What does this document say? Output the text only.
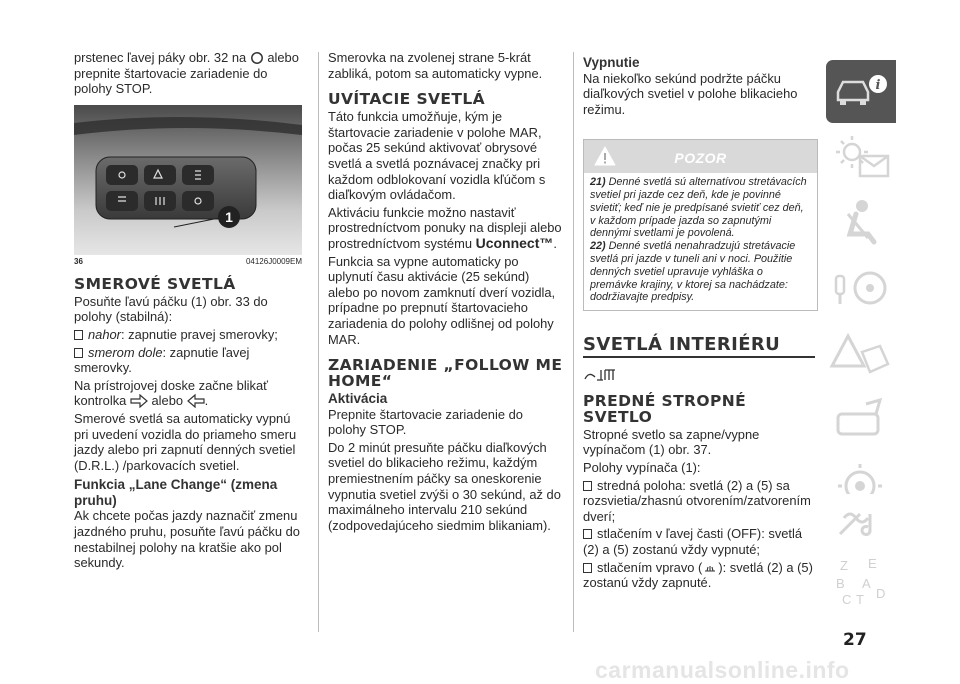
prstenec ľavej páky obr. 32 na alebo prepnite štartovacie zariadenie do polohy STOP.

1
36	04126J0009EM
SMEROVÉ SVETLÁ

Posuňte ľavú páčku (1) obr. 33 do polohy (stabilná):

nahor: zapnutie pravej smerovky;

smerom dole: zapnutie ľavej smerovky.

Na prístrojovej doske začne blikať kontrolka alebo .

Smerové svetlá sa automaticky vypnú pri uvedení vozidla do priameho smeru jazdy alebo pri zapnutí denných svetiel (D.R.L.) /parkovacích svetiel.

Funkcia „Lane Change“ (zmena pruhu)

Ak chcete počas jazdy naznačiť zmenu jazdného pruhu, posuňte ľavú páčku do nestabilnej polohy na kratšie ako pol sekundy.

Smerovka na zvolenej strane 5-krát zabliká, potom sa automaticky vypne.

UVÍTACIE SVETLÁ

Táto funkcia umožňuje, kým je štartovacie zariadenie v polohe MAR, počas 25 sekúnd aktivovať obrysové svetlá a svetlá poznávacej značky pri každom odblokovaní vozidla kľúčom s diaľkovým ovládačom.

Aktiváciu funkcie možno nastaviť prostredníctvom ponuky na displeji alebo prostredníctvom systému Uconnect™.

Funkcia sa vypne automaticky po uplynutí času aktivácie (25 sekúnd) alebo po novom zamknutí dverí vozidla, prípadne po prepnutí štartovacieho zariadenia do polohy odlišnej od polohy MAR.

ZARIADENIE „FOLLOW ME HOME“
Aktivácia

Prepnite štartovacie zariadenie do polohy STOP.

Do 2 minút presuňte páčku diaľkových svetiel do blikacieho režimu, každým premiestnením páčky sa oneskorenie vypnutia svetiel zvýši o 30 sekúnd, až do maximálneho intervalu 210 sekúnd (zodpovedajúceho siedmim blikaniam).

Vypnutie

Na niekoľko sekúnd podržte páčku diaľkových svetiel v polohe blikacieho režimu.

POZOR
21) Denné svetlá sú alternatívou stretávacích svetiel pri jazde cez deň, kde je povinné svietiť; keď nie je predpísané svietiť cez deň, v každom prípade jazda so zapnutými dennými svetlami je povolená.
22) Denné svetlá nenahradzujú stretávacie svetlá pri jazde v tuneli ani v noci. Použitie denných svetiel upravuje vyhláška o premávke krajiny, v ktorej sa nachádzate: dodržiavajte predpisy.
SVETLÁ INTERIÉRU
PREDNÉ STROPNÉ SVETLO

Stropné svetlo sa zapne/vypne vypínačom (1) obr. 37.

Polohy vypínača (1):

stredná poloha: svetlá (2) a (5) sa rozsvietia/zhasnú otvorením/zatvorením dverí;

stlačením v ľavej časti (OFF): svetlá (2) a (5) zostanú vždy vypnuté;

stlačením vpravo ( ): svetlá (2) a (5) zostanú vždy zapnuté.

i
Z E
B A
C T D
27
carmanualsonline.info
